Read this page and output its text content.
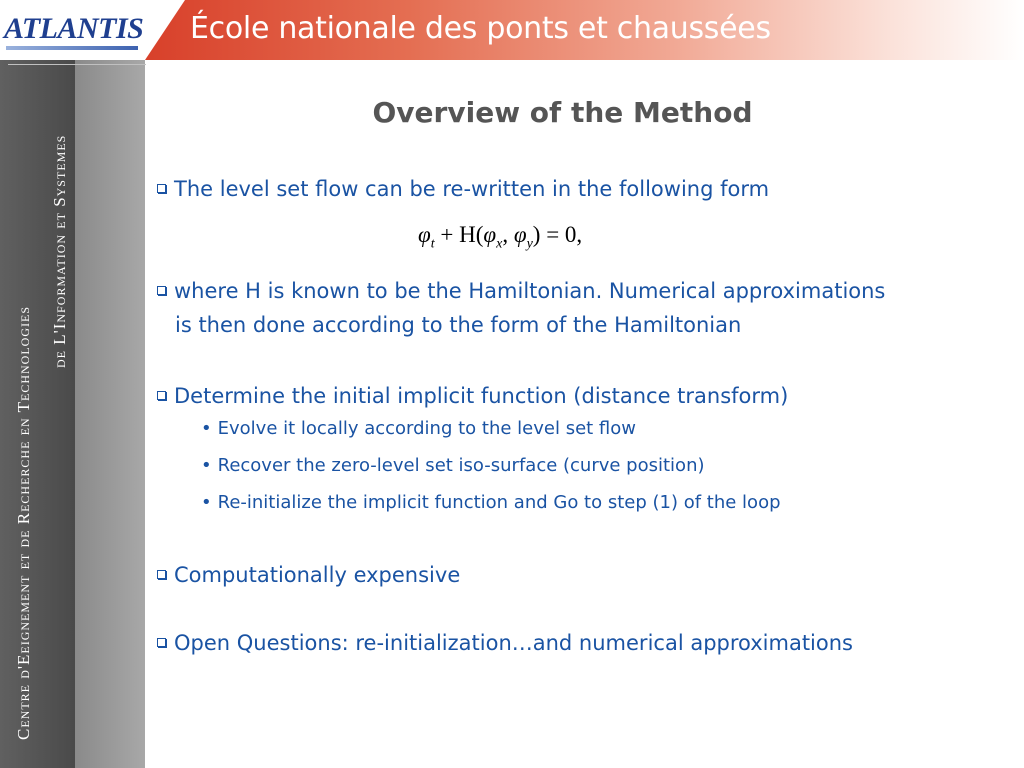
ATLANTIS École nationale des ponts et chaussées
Centre d'Eeignement et de Recherche en Technologies
de L'Information et Systemes
Overview of the Method
The level set flow can be re-written in the following form
$\varphi_t + H(\varphi_x$, $\varphi_y) = 0$,
where H is known to be the Hamiltonian. Numerical approximations
is then done according to the form of the Hamiltonian
Determine the initial implicit function (distance transform)
• Evolve it locally according to the level set flow
• Recover the zero-level set iso-surface (curve position)
• Re-initialize the implicit function and Go to step (1) of the loop
Computationally expensive
Open Questions: re-initialization…and numerical approximations
